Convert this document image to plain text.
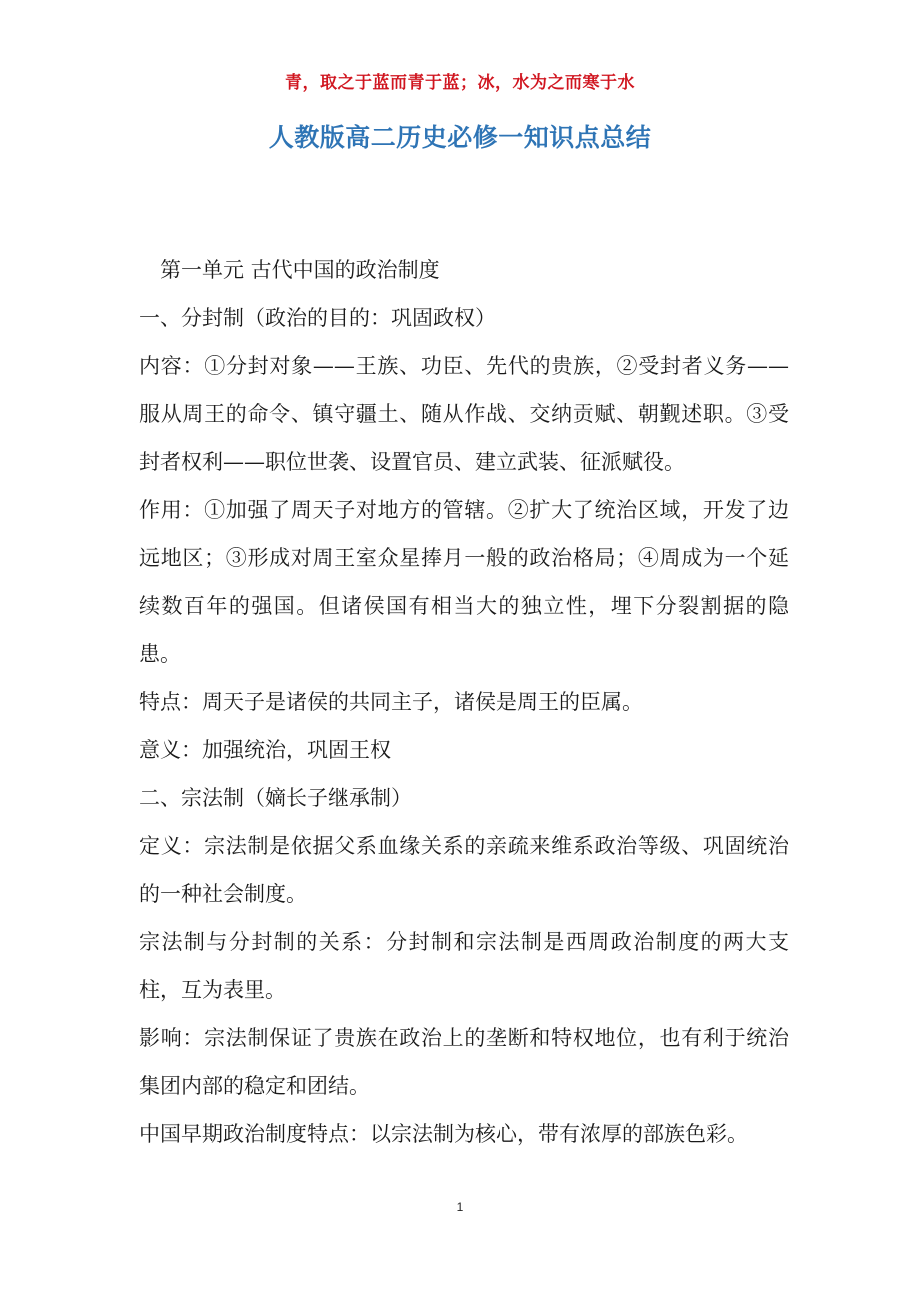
青，取之于蓝而青于蓝；冰，水为之而寒于水
人教版高二历史必修一知识点总结

第一单元 古代中国的政治制度

一、分封制（政治的目的：巩固政权）

内容：①分封对象——王族、功臣、先代的贵族，②受封者义务——服从周王的命令、镇守疆土、随从作战、交纳贡赋、朝觐述职。③受封者权利——职位世袭、设置官员、建立武装、征派赋役。

作用：①加强了周天子对地方的管辖。②扩大了统治区域，开发了边远地区；③形成对周王室众星捧月一般的政治格局；④周成为一个延续数百年的强国。但诸侯国有相当大的独立性，埋下分裂割据的隐患。

特点：周天子是诸侯的共同主子，诸侯是周王的臣属。

意义：加强统治，巩固王权

二、宗法制（嫡长子继承制）

定义：宗法制是依据父系血缘关系的亲疏来维系政治等级、巩固统治的一种社会制度。

宗法制与分封制的关系：分封制和宗法制是西周政治制度的两大支柱，互为表里。

影响：宗法制保证了贵族在政治上的垄断和特权地位，也有利于统治集团内部的稳定和团结。

中国早期政治制度特点：以宗法制为核心，带有浓厚的部族色彩。

1
